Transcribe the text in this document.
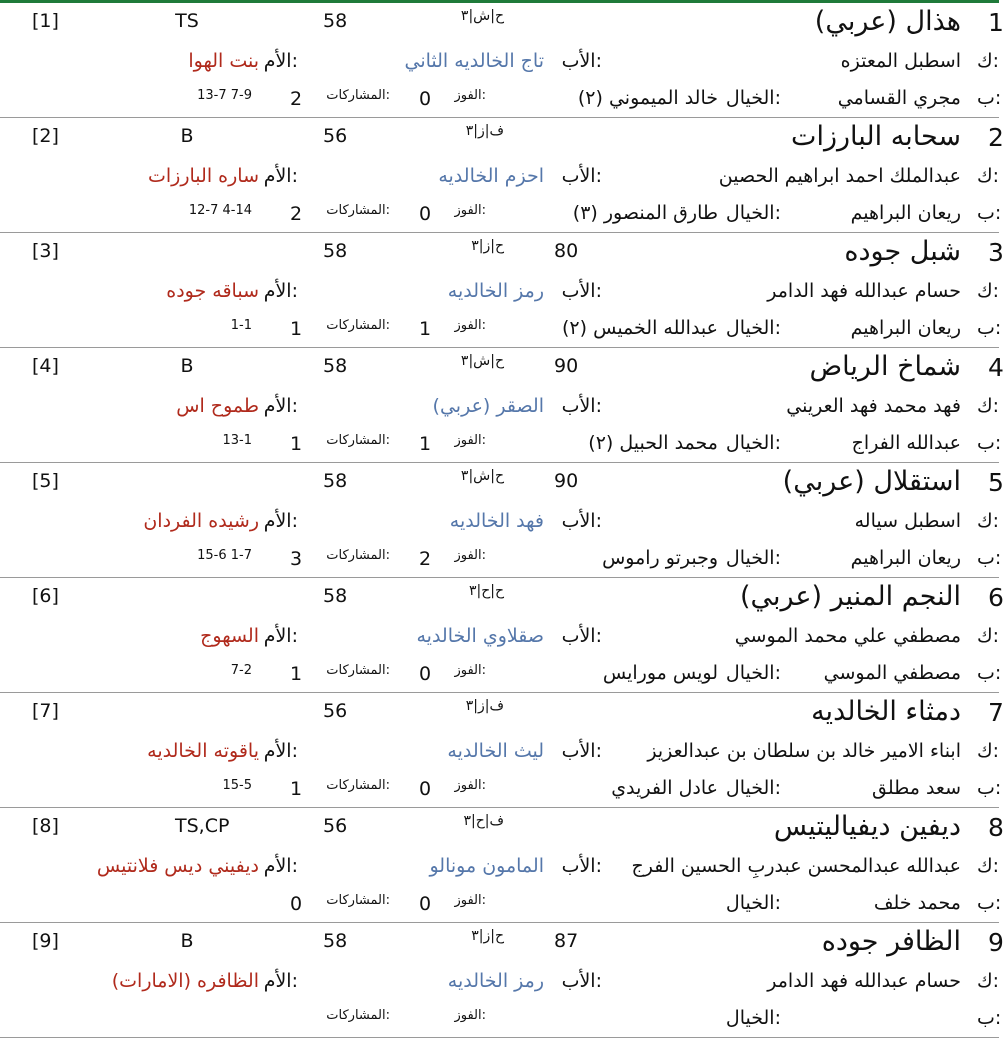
1
هذال (عربي)
ح|ش|٣
58
TS
[1]
ك:
اسطبل المعتزه
الأب:
تاج الخالديه الثاني
الأم:
بنت الهوا
ب:
مجري القسامي
الخيال:
خالد الميموني (٢)
الفوز:
0
المشاركات:
2
13-7 7-9
2
سحابه البارزات
ف|ز|٣
56
B
[2]
ك:
عبدالملك احمد ابراهيم الحصين
الأب:
احزم الخالديه
الأم:
ساره البارزات
ب:
ريعان البراهيم
الخيال:
طارق المنصور (٣)
الفوز:
0
المشاركات:
2
12-7 4-14
3
شبل جوده
80
ح|ز|٣
58
[3]
ك:
حسام عبدالله فهد الدامر
الأب:
رمز الخالديه
الأم:
سباقه جوده
ب:
ريعان البراهيم
الخيال:
عبدالله الخميس (٢)
الفوز:
1
المشاركات:
1
1-1
4
شماخ الرياض
90
ح|ش|٣
58
B
[4]
ك:
فهد محمد فهد العريني
الأب:
الصقر (عربي)
الأم:
طموح اس
ب:
عبدالله الفراج
الخيال:
محمد الحبيل (٢)
الفوز:
1
المشاركات:
1
13-1
5
استقلال (عربي)
90
ح|ش|٣
58
[5]
ك:
اسطبل سياله
الأب:
فهد الخالديه
الأم:
رشيده الفردان
ب:
ريعان البراهيم
الخيال:
وجبرتو راموس
الفوز:
2
المشاركات:
3
15-6 1-7
6
النجم المنير (عربي)
ح|ح|٣
58
[6]
ك:
مصطفي علي محمد الموسي
الأب:
صقلاوي الخالديه
الأم:
السهوج
ب:
مصطفي الموسي
الخيال:
لويس مورايس
الفوز:
0
المشاركات:
1
7-2
7
دمثاء الخالديه
ف|ز|٣
56
[7]
ك:
ابناء الامير خالد بن سلطان بن عبدالعزيز
الأب:
ليث الخالديه
الأم:
ياقوته الخالديه
ب:
سعد مطلق
الخيال:
عادل الفريدي
الفوز:
0
المشاركات:
1
15-5
8
ديفين ديفياليتيس
ف|ح|٣
56
TS,CP
[8]
ك:
عبدالله عبدالمحسن عبدربِ الحسين الفرج
الأب:
المامون مونالو
الأم:
ديفيني ديس فلانتيس
ب:
محمد خلف
الخيال:
الفوز:
0
المشاركات:
0
9
الظافر جوده
87
ح|ز|٣
58
B
[9]
ك:
حسام عبدالله فهد الدامر
الأب:
رمز الخالديه
الأم:
الظافره (الامارات)
ب:
الخيال:
الفوز:
المشاركات:
